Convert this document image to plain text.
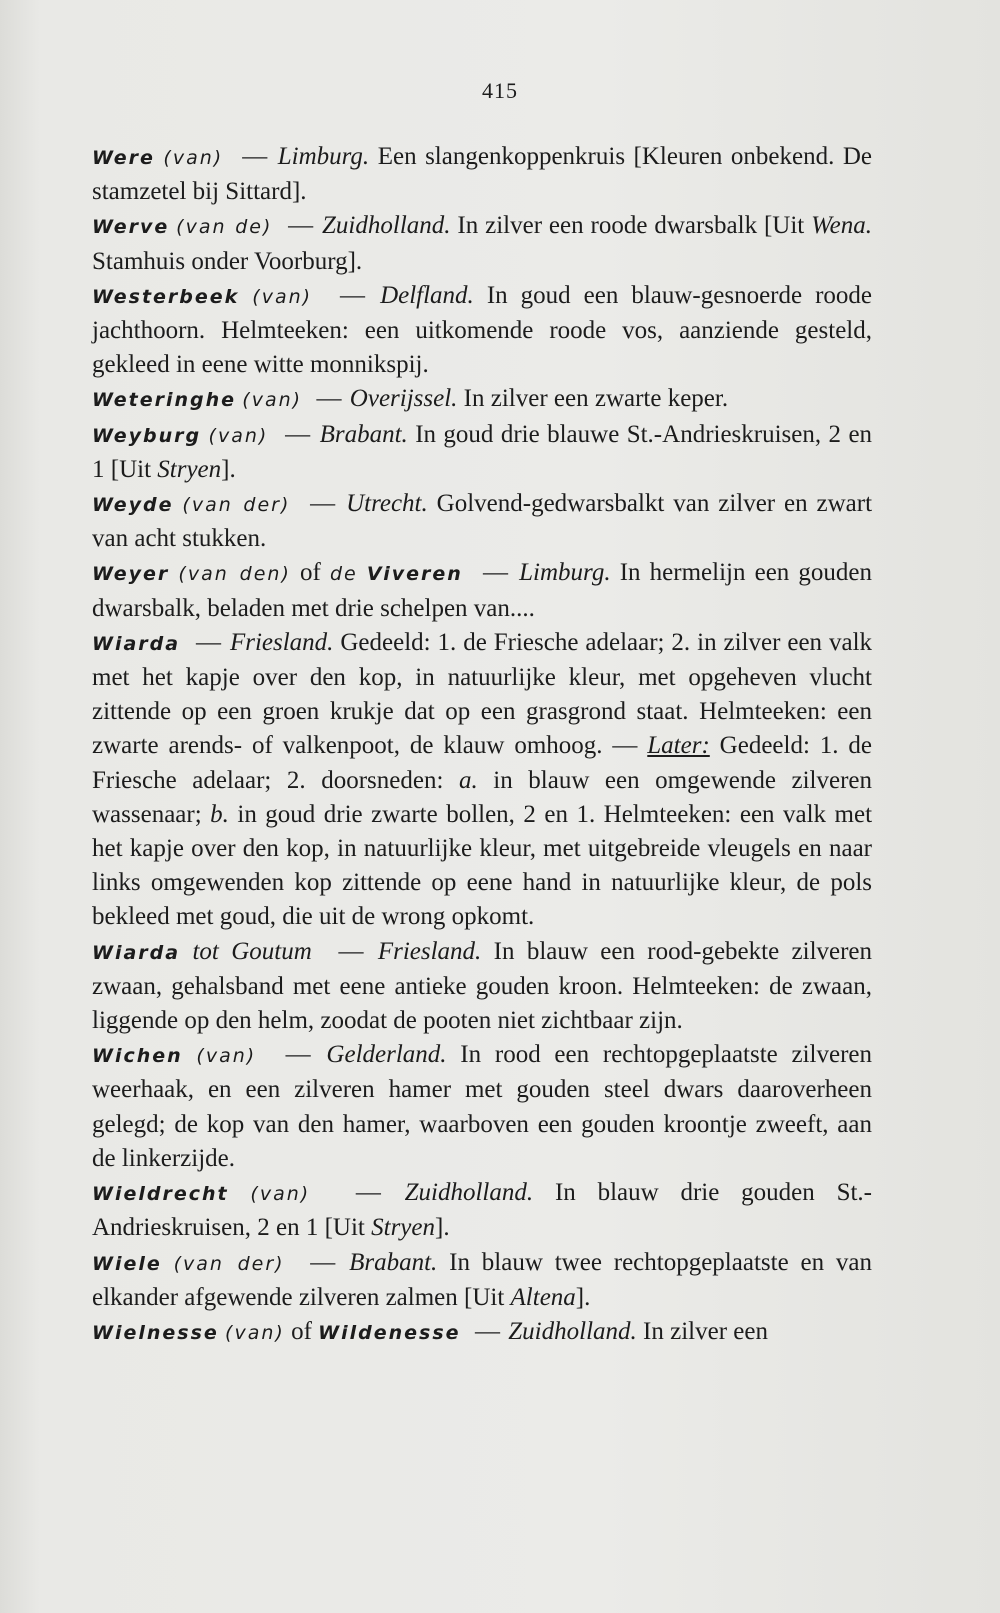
415

Were (van)  — Limburg. Een slangenkoppenkruis [Kleuren onbekend. De stamzetel bij Sittard].

Werve (van de)  — Zuidholland. In zilver een roode dwarsbalk [Uit Wena. Stamhuis onder Voorburg].

Westerbeek (van)  — Delfland. In goud een blauw-gesnoerde roode jachthoorn. Helmteeken: een uitkomende roode vos, aanziende gesteld, gekleed in eene witte monnikspij.

Weteringhe (van)  — Overijssel. In zilver een zwarte keper.

Weyburg (van)  — Brabant. In goud drie blauwe St.-Andrieskruisen, 2 en 1 [Uit Stryen].

Weyde (van der)  — Utrecht. Golvend-gedwarsbalkt van zilver en zwart van acht stukken.

Weyer (van den) of de Viveren  — Limburg. In hermelijn een gouden dwarsbalk, beladen met drie schelpen van....

Wiarda  — Friesland. Gedeeld: 1. de Friesche adelaar; 2. in zilver een valk met het kapje over den kop, in natuurlijke kleur, met opgeheven vlucht zittende op een groen krukje dat op een grasgrond staat. Helmteeken: een zwarte arends- of valkenpoot, de klauw omhoog. — Later: Gedeeld: 1. de Friesche adelaar; 2. doorsneden: a. in blauw een omgewende zilveren wassenaar; b. in goud drie zwarte bollen, 2 en 1. Helmteeken: een valk met het kapje over den kop, in natuurlijke kleur, met uitgebreide vleugels en naar links omgewenden kop zittende op eene hand in natuurlijke kleur, de pols bekleed met goud, die uit de wrong opkomt.

Wiarda tot Goutum  — Friesland. In blauw een rood-gebekte zilveren zwaan, gehalsband met eene antieke gouden kroon. Helmteeken: de zwaan, liggende op den helm, zoodat de pooten niet zichtbaar zijn.

Wichen (van)  — Gelderland. In rood een rechtopgeplaatste zilveren weerhaak, en een zilveren hamer met gouden steel dwars daaroverheen gelegd; de kop van den hamer, waarboven een gouden kroontje zweeft, aan de linkerzijde.

Wieldrecht (van)  — Zuidholland. In blauw drie gouden St.-Andrieskruisen, 2 en 1 [Uit Stryen].

Wiele (van der)  — Brabant. In blauw twee rechtopgeplaatste en van elkander afgewende zilveren zalmen [Uit Altena].

Wielnesse (van) of Wildenesse  — Zuidholland. In zilver een
